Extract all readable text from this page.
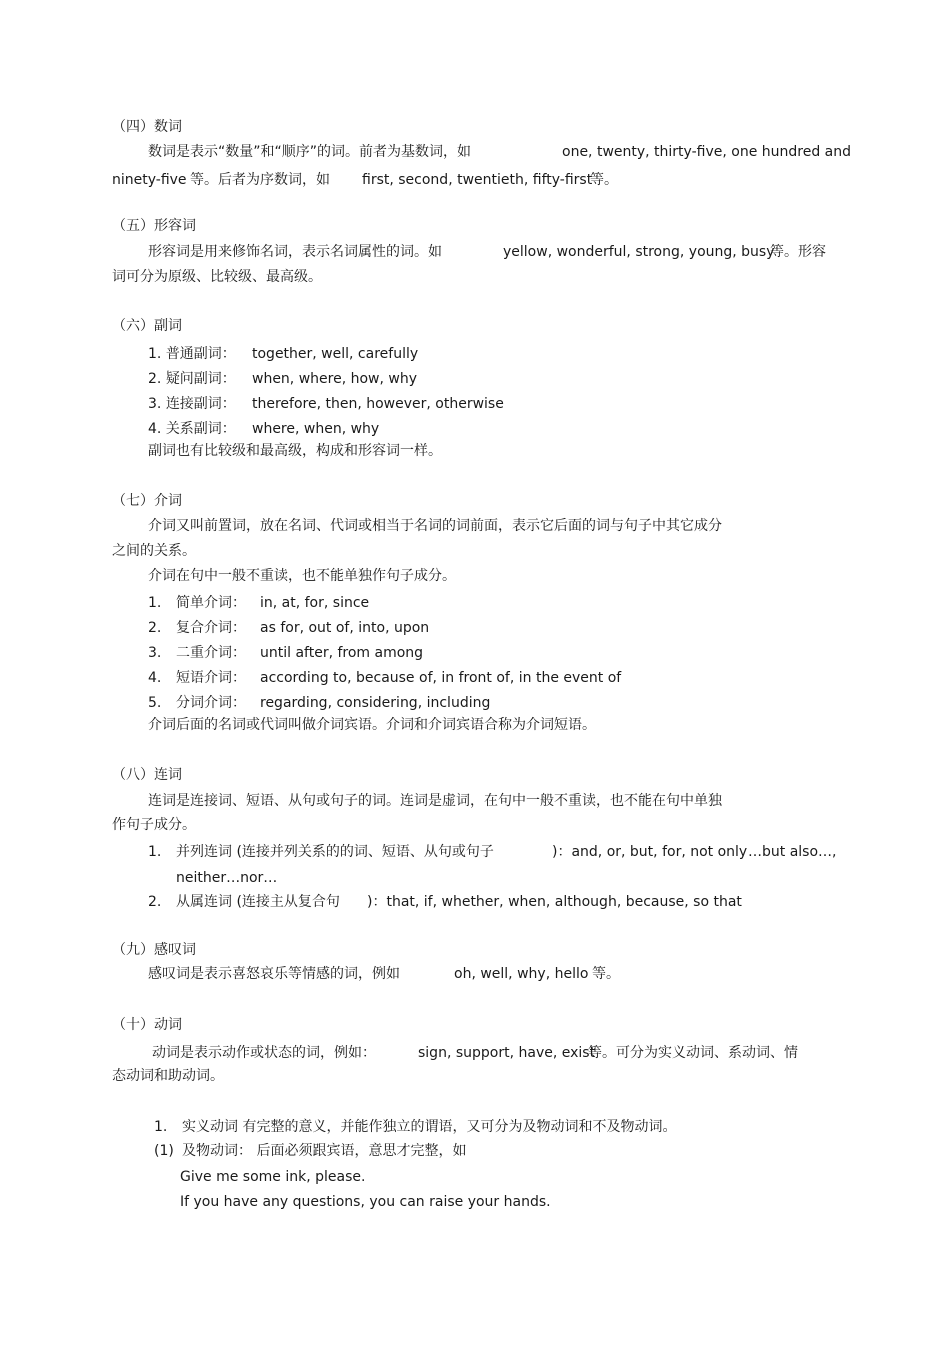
（四）数词
数词是表示“数量”和“顺序”的词。前者为基数词，如	one, twenty, thirty-five, one hundred and
ninety-five 等。后者为序数词，如 first, second, twentieth, fifty-first
等。
（五）形容词
形容词是用来修饰名词，表示名词属性的词。如	yellow, wonderful, strong, young, busy
等。形容
词可分为原级、比较级、最高级。
（六）副词
1. 普通副词： together, well, carefully
2. 疑问副词： when, where, how, why
3. 连接副词： therefore, then, however, otherwise
4. 关系副词： where, when, why
副词也有比较级和最高级，构成和形容词一样。
（七）介词
介词又叫前置词，放在名词、代词或相当于名词的词前面，表示它后面的词与句子中其它成分
之间的关系。
介词在句中一般不重读，也不能单独作句子成分。
1. 简单介词： in, at, for, since
2. 复合介词： as for, out of, into, upon
3. 二重介词： until after, from among
4. 短语介词： according to, because of, in front of, in the event of
5. 分词介词： regarding, considering, including
介词后面的名词或代词叫做介词宾语。介词和介词宾语合称为介词短语。
（八）连词
连词是连接词、短语、从句或句子的词。连词是虚词，在句中一般不重读，也不能在句中单独
作句子成分。
1. 并列连词 (连接并列关系的的词、短语、从句或句子	)：and, or, but, for, not only …but also…,
neither…nor…
2. 从属连词 (连接主从复合句 )：that, if, whether, when, although, because, so that
（九）感叹词
感叹词是表示喜怒哀乐等情感的词，例如	oh, well, why, hello 等。
（十）动词
动词是表示动作或状态的词，例如：	sign, support, have, exist
等。可分为实义动词、系动词、情
态动词和助动词。
1. 实义动词 有完整的意义，并能作独立的谓语，又可分为及物动词和不及物动词。
(1) 及物动词： 后面必须跟宾语，意思才完整，如
Give me some ink, please.
If you have any questions, you can raise your hands.
